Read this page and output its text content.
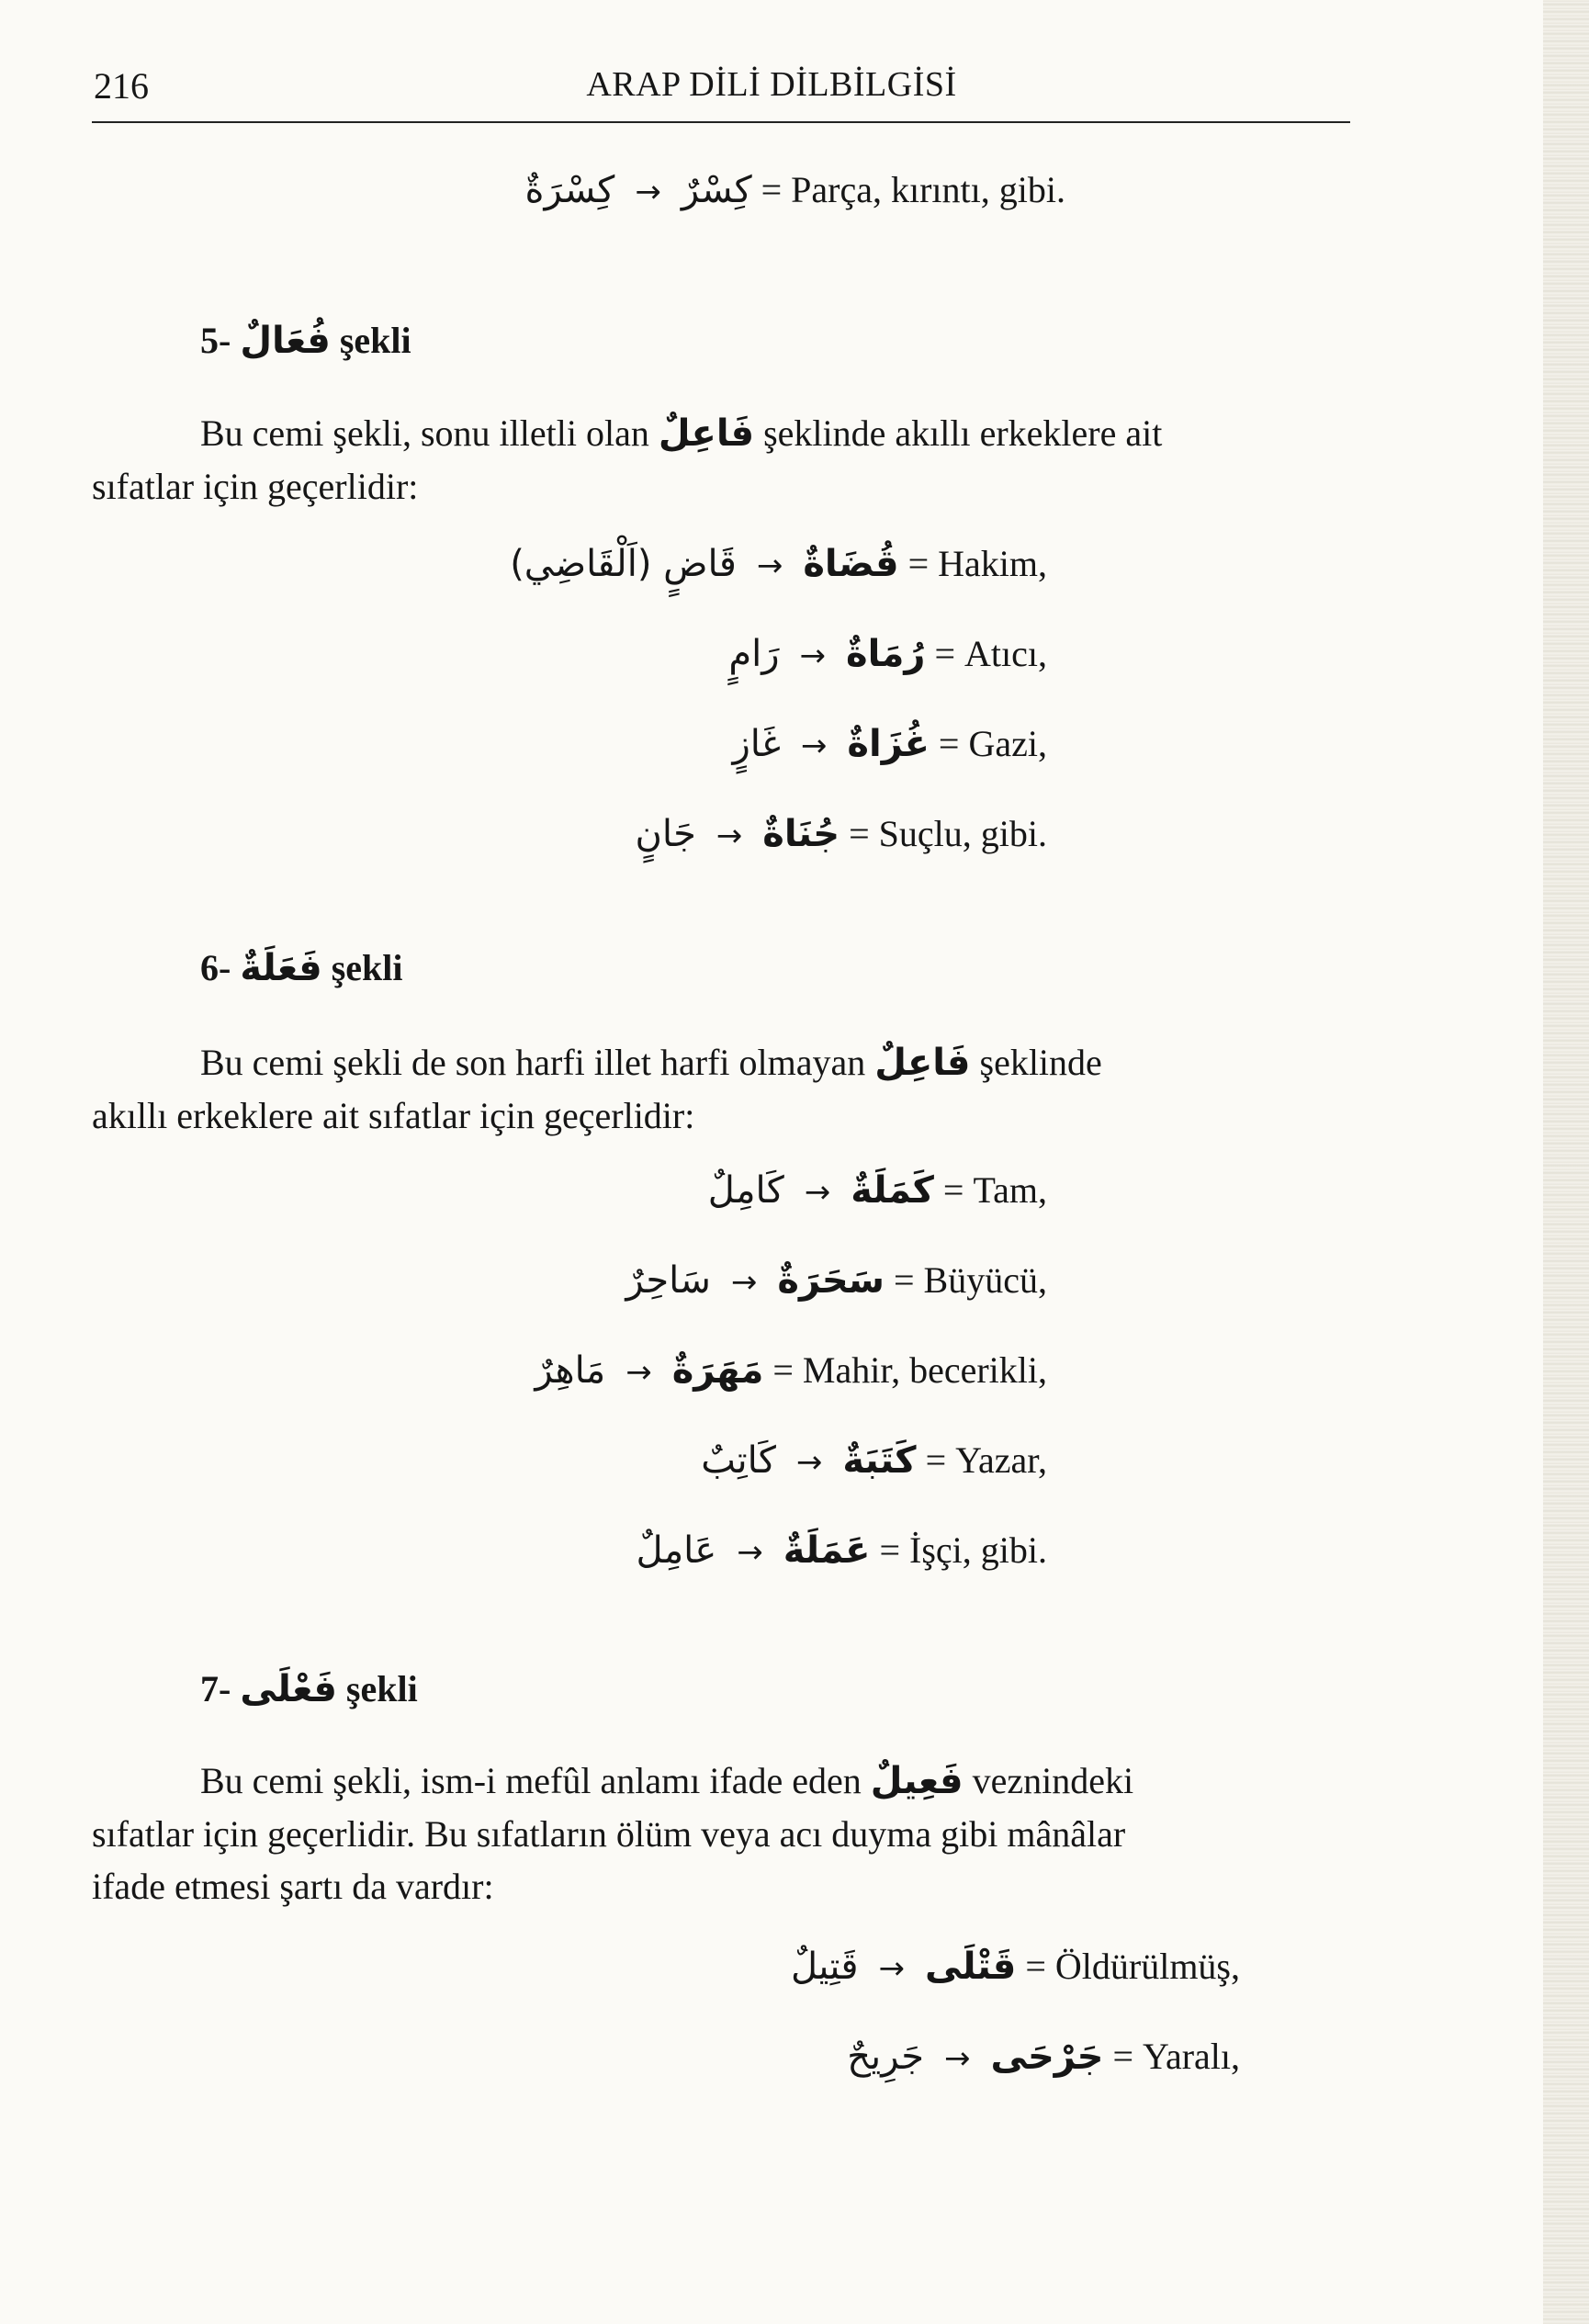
216	ARAP DİLİ DİLBİLGİSİ
كِسْرَةٌ → كِسْرٌ = Parça, kırıntı, gibi.
5- فُعَالٌ şekli
Bu cemi şekli, sonu illetli olan فَاعِلٌ şeklinde akıllı erkeklere ait
sıfatlar için geçerlidir:
قَاضٍ (اَلْقَاضِي) → قُضَاةٌ = Hakim,
رَامٍ → رُمَاةٌ = Atıcı,
غَازٍ → غُزَاةٌ = Gazi,
جَانٍ → جُنَاةٌ = Suçlu, gibi.
6- فَعَلَةٌ şekli
Bu cemi şekli de son harfi illet harfi olmayan فَاعِلٌ şeklinde
akıllı erkeklere ait sıfatlar için geçerlidir:
كَامِلٌ → كَمَلَةٌ = Tam,
سَاحِرٌ → سَحَرَةٌ = Büyücü,
مَاهِرٌ → مَهَرَةٌ = Mahir, becerikli,
كَاتِبٌ → كَتَبَةٌ = Yazar,
عَامِلٌ → عَمَلَةٌ = İşçi, gibi.
7- فَعْلَى şekli
Bu cemi şekli, ism-i mefûl anlamı ifade eden فَعِيلٌ veznindeki
sıfatlar için geçerlidir. Bu sıfatların ölüm veya acı duyma gibi mânâlar
ifade etmesi şartı da vardır:
قَتِيلٌ → قَتْلَى = Öldürülmüş,
جَرِيحٌ → جَرْحَى = Yaralı,
